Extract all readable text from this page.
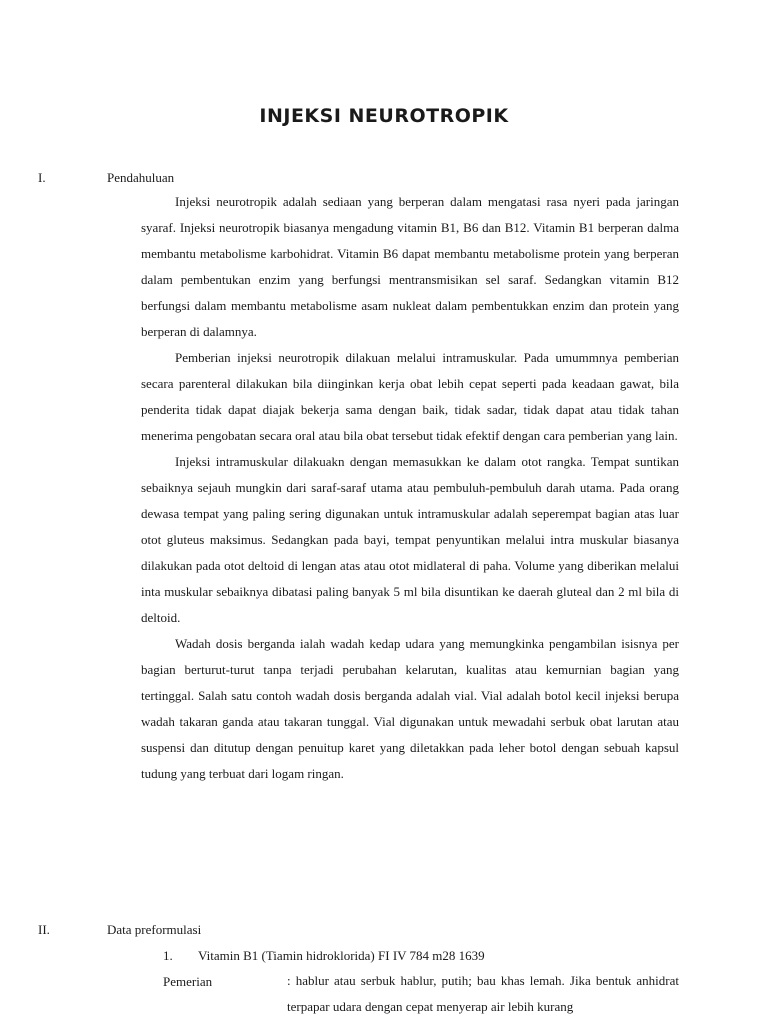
INJEKSI NEUROTROPIK
I.	Pendahuluan

Injeksi neurotropik adalah sediaan yang berperan dalam mengatasi rasa nyeri pada jaringan syaraf. Injeksi neurotropik biasanya mengadung vitamin B1, B6 dan B12. Vitamin B1 berperan dalma membantu metabolisme karbohidrat. Vitamin B6 dapat membantu metabolisme protein yang berperan dalam pembentukan enzim yang berfungsi mentransmisikan sel saraf. Sedangkan vitamin B12 berfungsi dalam membantu metabolisme asam nukleat dalam pembentukkan enzim dan protein yang berperan di dalamnya.

Pemberian injeksi neurotropik dilakuan melalui intramuskular. Pada umummnya pemberian secara parenteral dilakukan bila diinginkan kerja obat lebih cepat seperti pada keadaan gawat, bila penderita tidak dapat diajak bekerja sama dengan baik, tidak sadar, tidak dapat atau tidak tahan menerima pengobatan secara oral atau bila obat tersebut tidak efektif dengan cara pemberian yang lain.

Injeksi intramuskular dilakuakn dengan memasukkan ke dalam otot rangka. Tempat suntikan sebaiknya sejauh mungkin dari saraf-saraf utama atau pembuluh-pembuluh darah utama. Pada orang dewasa tempat yang paling sering digunakan untuk intramuskular adalah seperempat bagian atas luar otot gluteus maksimus. Sedangkan pada bayi, tempat penyuntikan melalui intra muskular biasanya dilakukan pada otot deltoid di lengan atas atau otot midlateral di paha. Volume yang diberikan melalui inta muskular sebaiknya dibatasi paling banyak 5 ml bila disuntikan ke daerah gluteal dan 2 ml bila di deltoid.

Wadah dosis berganda ialah wadah kedap udara yang memungkinka pengambilan isisnya per bagian berturut-turut tanpa terjadi perubahan kelarutan, kualitas atau kemurnian bagian yang tertinggal. Salah satu contoh wadah dosis berganda adalah vial. Vial adalah botol kecil injeksi berupa wadah takaran ganda atau takaran tunggal. Vial digunakan untuk mewadahi serbuk obat larutan atau suspensi dan ditutup dengan penuitup karet yang diletakkan pada leher botol dengan sebuah kapsul tudung yang terbuat dari logam ringan.

II.	Data preformulasi
1. Vitamin B1 (Tiamin hidroklorida) FI IV 784 m28 1639
Pemerian	: hablur atau serbuk hablur, putih; bau khas lemah. Jika bentuk anhidrat terpapar udara dengan cepat menyerap air lebih kurang
